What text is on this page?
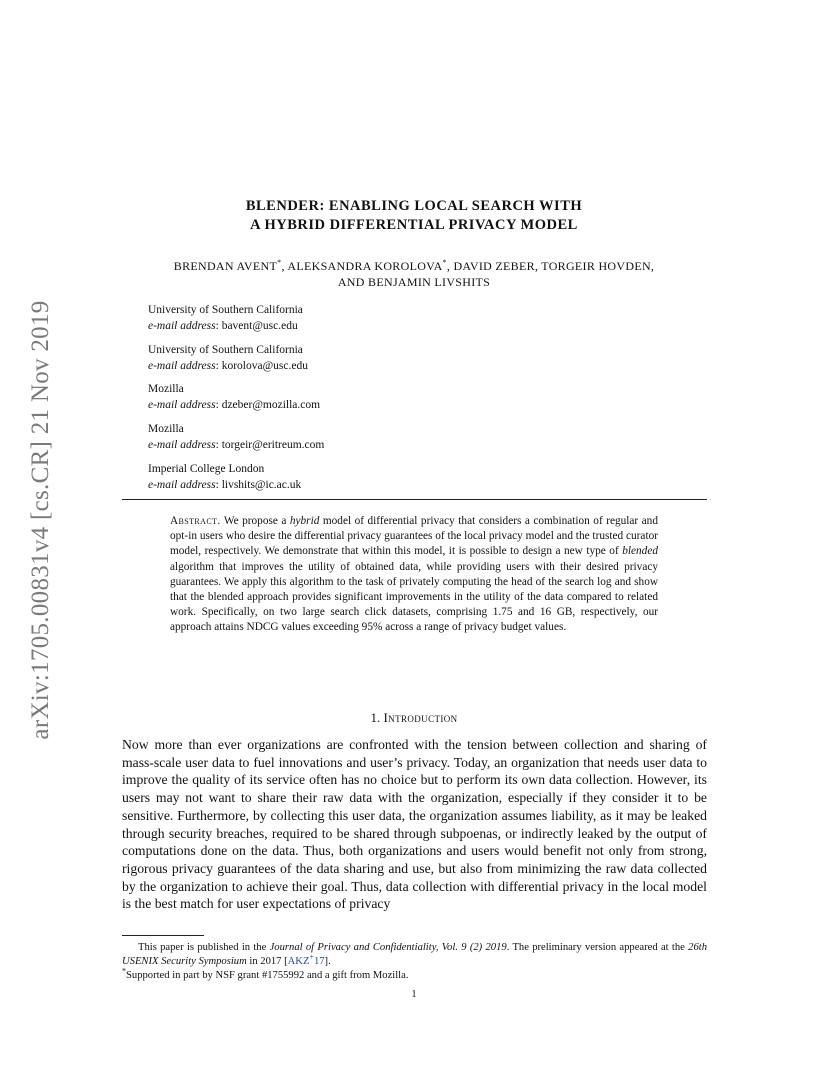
arXiv:1705.00831v4 [cs.CR] 21 Nov 2019
BLENDER: ENABLING LOCAL SEARCH WITH
A HYBRID DIFFERENTIAL PRIVACY MODEL
BRENDAN AVENT*, ALEKSANDRA KOROLOVA*, DAVID ZEBER, TORGEIR HOVDEN,
AND BENJAMIN LIVSHITS
University of Southern California
e-mail address: bavent@usc.edu
University of Southern California
e-mail address: korolova@usc.edu
Mozilla
e-mail address: dzeber@mozilla.com
Mozilla
e-mail address: torgeir@eritreum.com
Imperial College London
e-mail address: livshits@ic.ac.uk
Abstract. We propose a hybrid model of differential privacy that considers a combination of regular and opt-in users who desire the differential privacy guarantees of the local privacy model and the trusted curator model, respectively. We demonstrate that within this model, it is possible to design a new type of blended algorithm that improves the utility of obtained data, while providing users with their desired privacy guarantees. We apply this algorithm to the task of privately computing the head of the search log and show that the blended approach provides significant improvements in the utility of the data compared to related work. Specifically, on two large search click datasets, comprising 1.75 and 16 GB, respectively, our approach attains NDCG values exceeding 95% across a range of privacy budget values.
1. Introduction
Now more than ever organizations are confronted with the tension between collection and sharing of mass-scale user data to fuel innovations and user’s privacy. Today, an organization that needs user data to improve the quality of its service often has no choice but to perform its own data collection. However, its users may not want to share their raw data with the organization, especially if they consider it to be sensitive. Furthermore, by collecting this user data, the organization assumes liability, as it may be leaked through security breaches, required to be shared through subpoenas, or indirectly leaked by the output of computations done on the data. Thus, both organizations and users would benefit not only from strong, rigorous privacy guarantees of the data sharing and use, but also from minimizing the raw data collected by the organization to achieve their goal. Thus, data collection with differential privacy in the local model is the best match for user expectations of privacy

This paper is published in the Journal of Privacy and Confidentiality, Vol. 9 (2) 2019. The preliminary version appeared at the 26th USENIX Security Symposium in 2017 [AKZ+17].

*Supported in part by NSF grant #1755992 and a gift from Mozilla.

1
